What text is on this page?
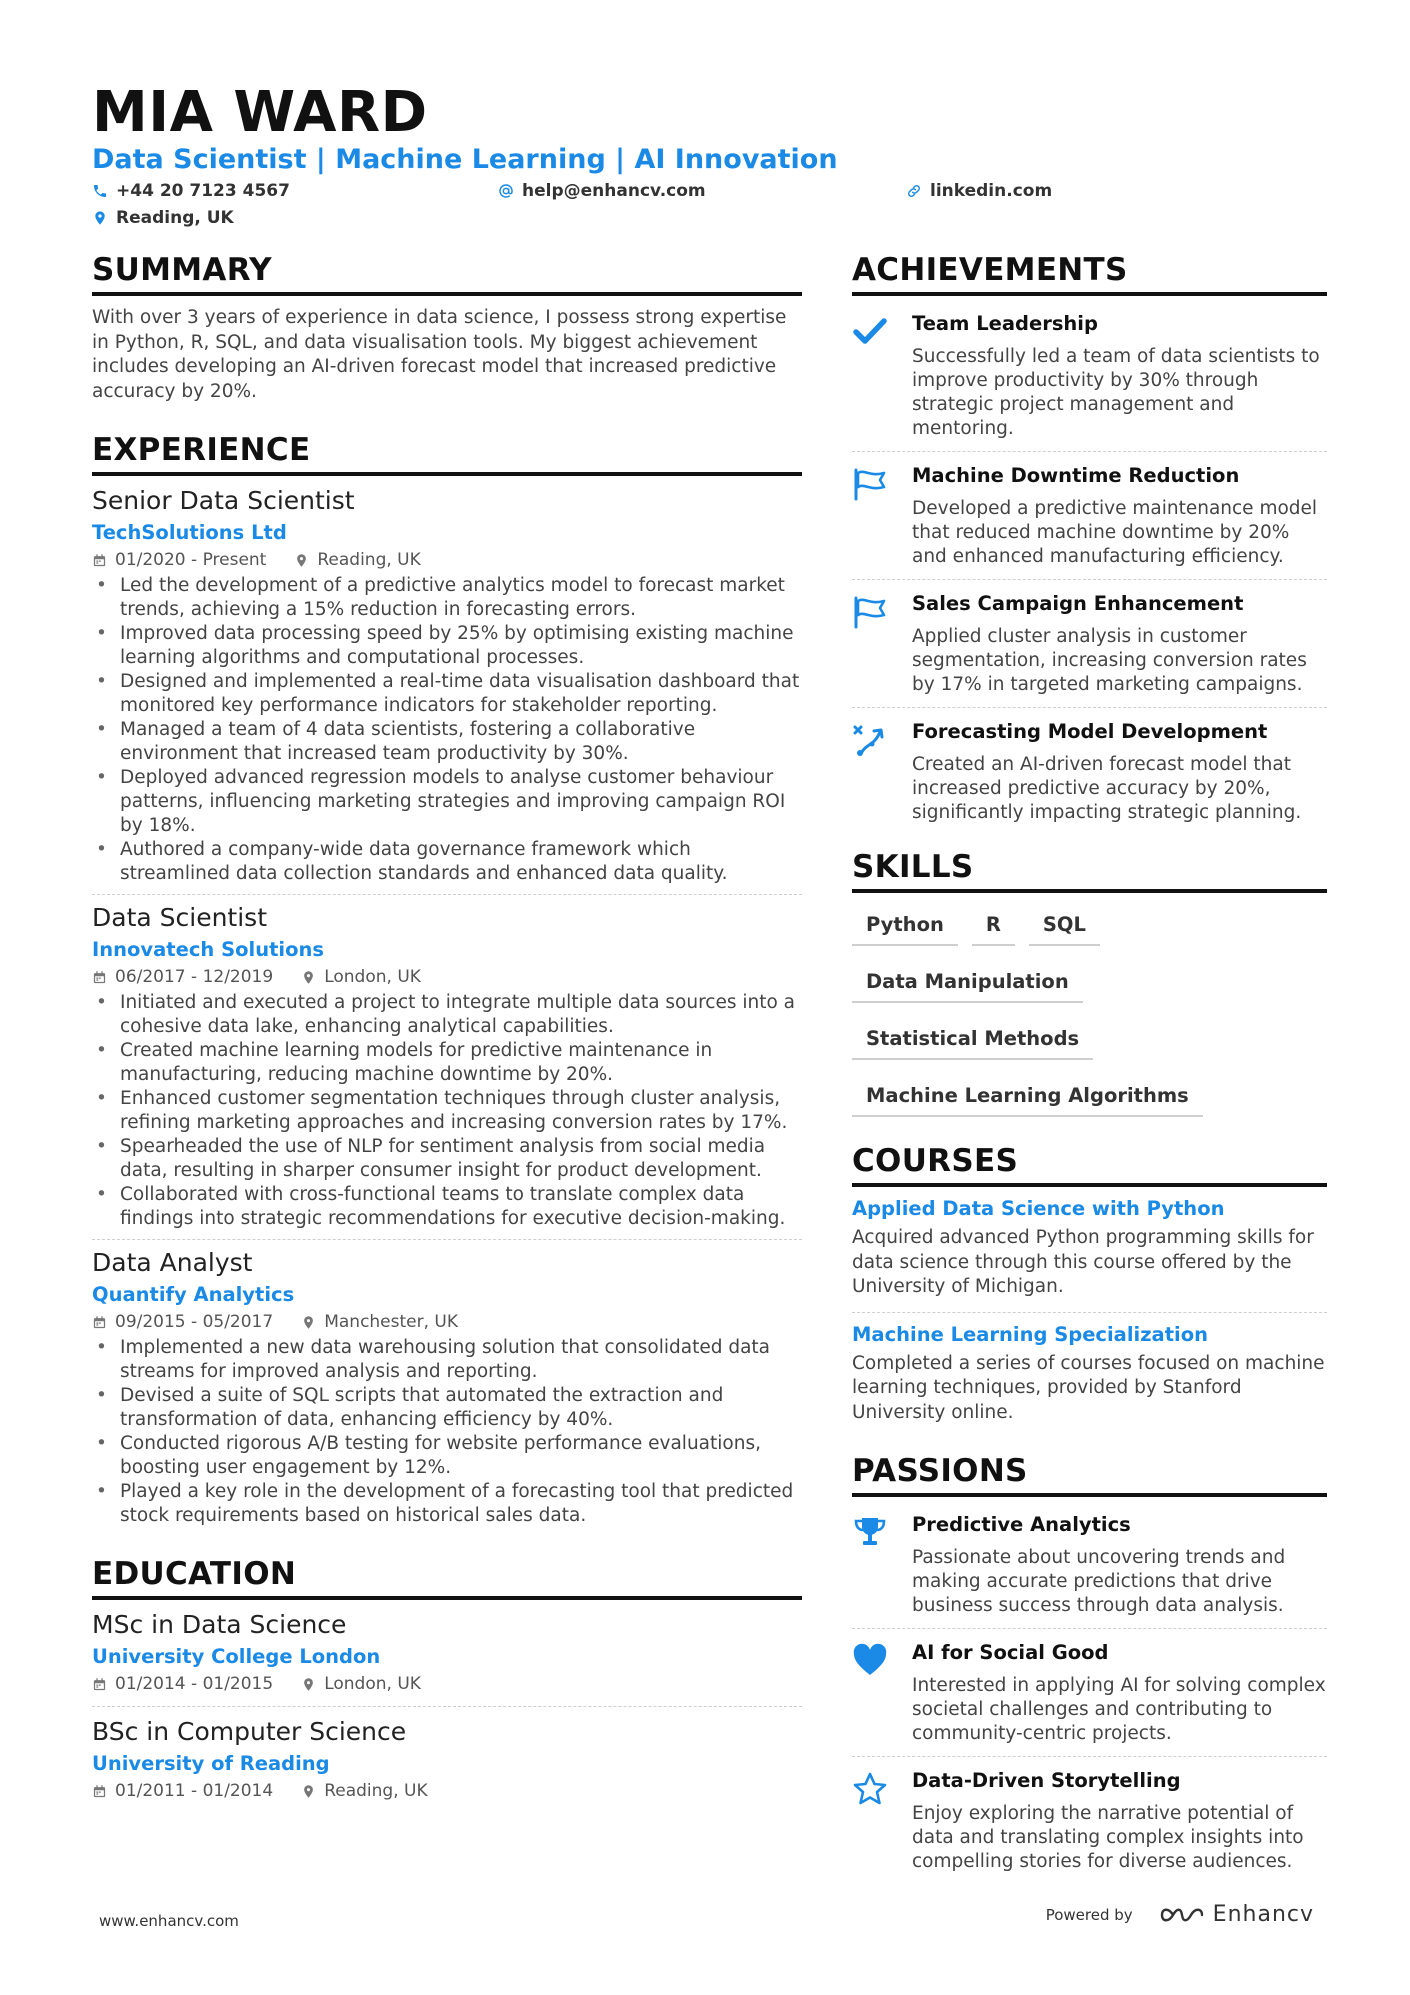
MIA WARD
Data Scientist | Machine Learning | AI Innovation
+44 20 7123 4567	help@enhancv.com	linkedin.com
Reading, UK
SUMMARY
With over 3 years of experience in data science, I possess strong expertise in Python, R, SQL, and data visualisation tools. My biggest achievement includes developing an AI-driven forecast model that increased predictive accuracy by 20%.
EXPERIENCE
Senior Data Scientist
TechSolutions Ltd
01/2020 - Present	Reading, UK
• Led the development of a predictive analytics model to forecast market trends, achieving a 15% reduction in forecasting errors.
• Improved data processing speed by 25% by optimising existing machine learning algorithms and computational processes.
• Designed and implemented a real-time data visualisation dashboard that monitored key performance indicators for stakeholder reporting.
• Managed a team of 4 data scientists, fostering a collaborative environment that increased team productivity by 30%.
• Deployed advanced regression models to analyse customer behaviour patterns, influencing marketing strategies and improving campaign ROI by 18%.
• Authored a company-wide data governance framework which streamlined data collection standards and enhanced data quality.
Data Scientist
Innovatech Solutions
06/2017 - 12/2019	London, UK
• Initiated and executed a project to integrate multiple data sources into a cohesive data lake, enhancing analytical capabilities.
• Created machine learning models for predictive maintenance in manufacturing, reducing machine downtime by 20%.
• Enhanced customer segmentation techniques through cluster analysis, refining marketing approaches and increasing conversion rates by 17%.
• Spearheaded the use of NLP for sentiment analysis from social media data, resulting in sharper consumer insight for product development.
• Collaborated with cross-functional teams to translate complex data findings into strategic recommendations for executive decision-making.
Data Analyst
Quantify Analytics
09/2015 - 05/2017	Manchester, UK
• Implemented a new data warehousing solution that consolidated data streams for improved analysis and reporting.
• Devised a suite of SQL scripts that automated the extraction and transformation of data, enhancing efficiency by 40%.
• Conducted rigorous A/B testing for website performance evaluations, boosting user engagement by 12%.
• Played a key role in the development of a forecasting tool that predicted stock requirements based on historical sales data.
EDUCATION
MSc in Data Science
University College London
01/2014 - 01/2015	London, UK
BSc in Computer Science
University of Reading
01/2011 - 01/2014	Reading, UK
ACHIEVEMENTS
Team Leadership
Successfully led a team of data scientists to improve productivity by 30% through strategic project management and mentoring.
Machine Downtime Reduction
Developed a predictive maintenance model that reduced machine downtime by 20% and enhanced manufacturing efficiency.
Sales Campaign Enhancement
Applied cluster analysis in customer segmentation, increasing conversion rates by 17% in targeted marketing campaigns.
Forecasting Model Development
Created an AI-driven forecast model that increased predictive accuracy by 20%, significantly impacting strategic planning.
SKILLS
Python	R	SQL
Data Manipulation
Statistical Methods
Machine Learning Algorithms
COURSES
Applied Data Science with Python
Acquired advanced Python programming skills for data science through this course offered by the University of Michigan.
Machine Learning Specialization
Completed a series of courses focused on machine learning techniques, provided by Stanford University online.
PASSIONS
Predictive Analytics
Passionate about uncovering trends and making accurate predictions that drive business success through data analysis.
AI for Social Good
Interested in applying AI for solving complex societal challenges and contributing to community-centric projects.
Data-Driven Storytelling
Enjoy exploring the narrative potential of data and translating complex insights into compelling stories for diverse audiences.
www.enhancv.com	Powered by	Enhancv
